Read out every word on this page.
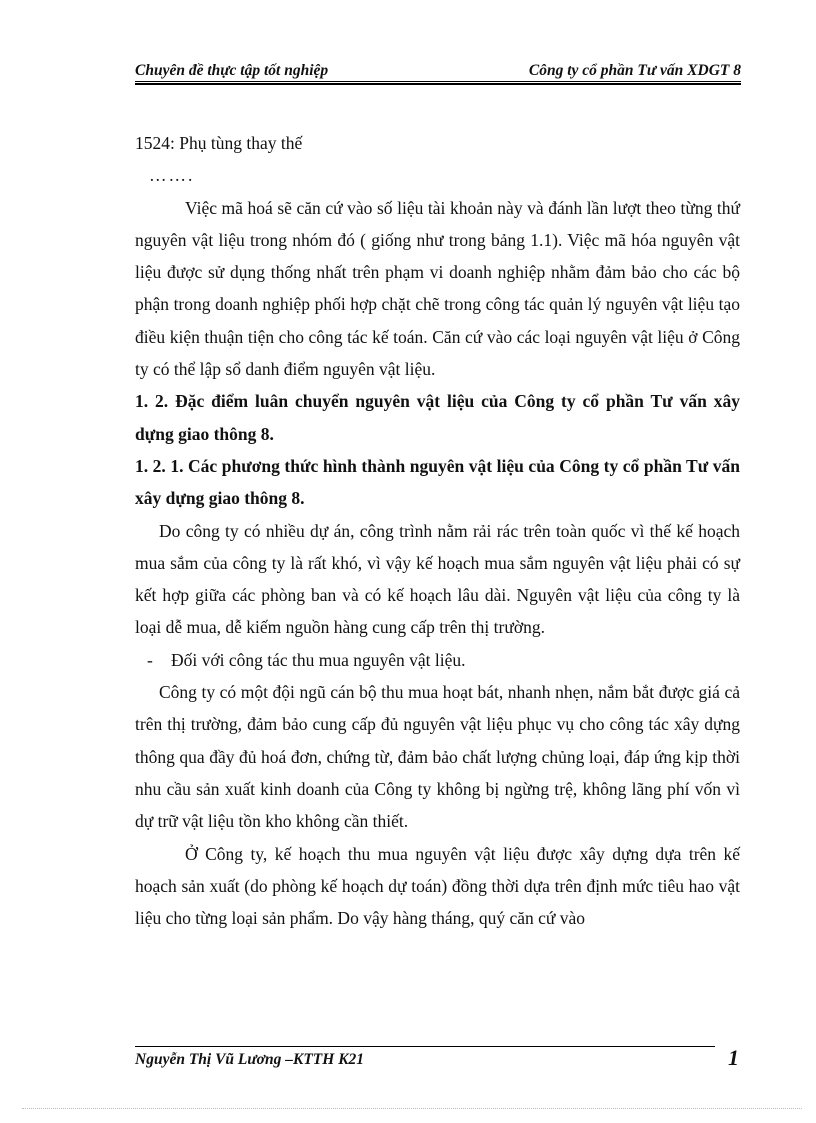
Chuyên đề thực tập tốt nghiệp	Công ty cổ phần Tư vấn XDGT 8

1524: Phụ tùng thay thế

…….

Việc mã hoá sẽ căn cứ vào số liệu tài khoản này và đánh lần lượt theo từng thứ nguyên vật liệu trong nhóm đó ( giống như trong bảng 1.1). Việc mã hóa nguyên vật liệu được sử dụng thống nhất trên phạm vi doanh nghiệp nhằm đảm bảo cho các bộ phận trong doanh nghiệp phối hợp chặt chẽ trong công tác quản lý nguyên vật liệu tạo điều kiện thuận tiện cho công tác kế toán. Căn cứ vào các loại nguyên vật liệu ở Công ty có thể lập sổ danh điểm nguyên vật liệu.

1. 2. Đặc điểm luân chuyển nguyên vật liệu của Công ty cổ phần Tư vấn xây dựng giao thông 8.

1. 2. 1. Các phương thức hình thành nguyên vật liệu của Công ty cổ phần Tư vấn xây dựng giao thông 8.

Do công ty có nhiều dự án, công trình nằm rải rác trên toàn quốc vì thế kế hoạch mua sắm của công ty là rất khó, vì vậy kế hoạch mua sắm nguyên vật liệu phải có sự kết hợp giữa các phòng ban và có kế hoạch lâu dài. Nguyên vật liệu của công ty là loại dễ mua, dễ kiếm nguồn hàng cung cấp trên thị trường.

- Đối với công tác thu mua nguyên vật liệu.

Công ty có một đội ngũ cán bộ thu mua hoạt bát, nhanh nhẹn, nắm bắt được giá cả trên thị trường, đảm bảo cung cấp đủ nguyên vật liệu phục vụ cho công tác xây dựng thông qua đầy đủ hoá đơn, chứng từ, đảm bảo chất lượng chủng loại, đáp ứng kịp thời nhu cầu sản xuất kinh doanh của Công ty không bị ngừng trệ, không lãng phí vốn vì dự trữ vật liệu tồn kho không cần thiết.

Ở Công ty, kế hoạch thu mua nguyên vật liệu được xây dựng dựa trên kế hoạch sản xuất (do phòng kế hoạch dự toán) đồng thời dựa trên định mức tiêu hao vật liệu cho từng loại sản phẩm. Do vậy hàng tháng, quý căn cứ vào

Nguyễn Thị Vũ Lương –KTTH K21	1
